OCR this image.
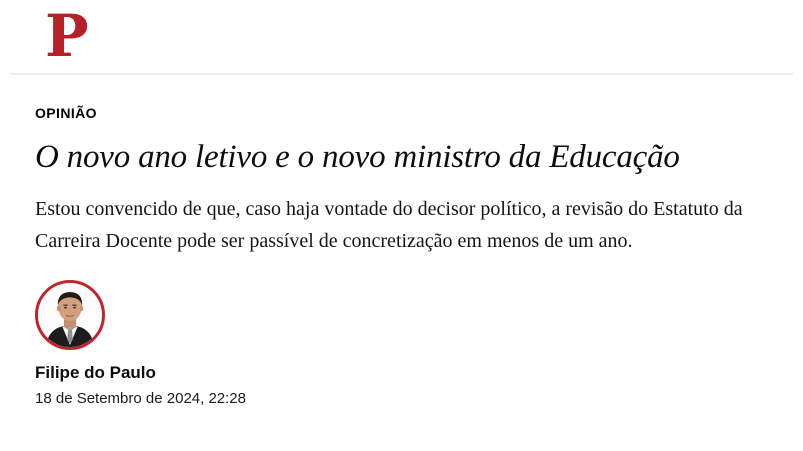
P
OPINIÃO
O novo ano letivo e o novo ministro da Educação

Estou convencido de que, caso haja vontade do decisor político, a revisão do Estatuto da Carreira Docente pode ser passível de concretização em menos de um ano.

Filipe do Paulo
18 de Setembro de 2024, 22:28
